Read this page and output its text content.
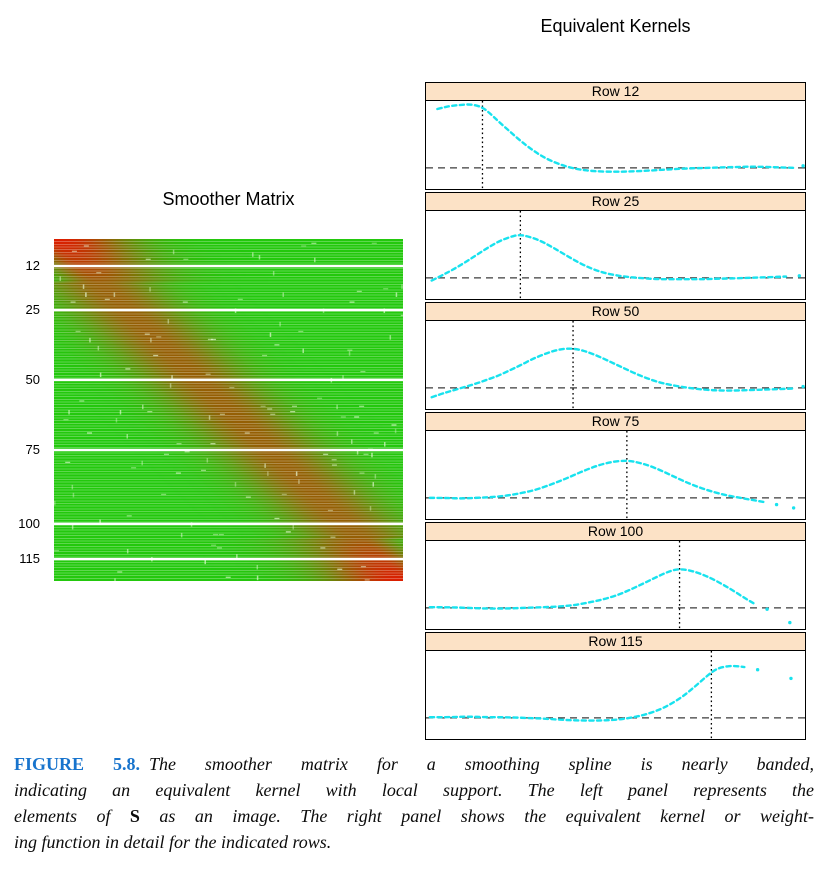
Equivalent Kernels
Smoother Matrix
12
25
50
75
100
115
Row 12
Row 25
Row 50
Row 75
Row 100
Row 115
FIGURE 5.8. The smoother matrix for a smoothing spline is nearly banded,
indicating an equivalent kernel with local support. The left panel represents the
elements of S as an image. The right panel shows the equivalent kernel or weight-
ing function in detail for the indicated rows.
